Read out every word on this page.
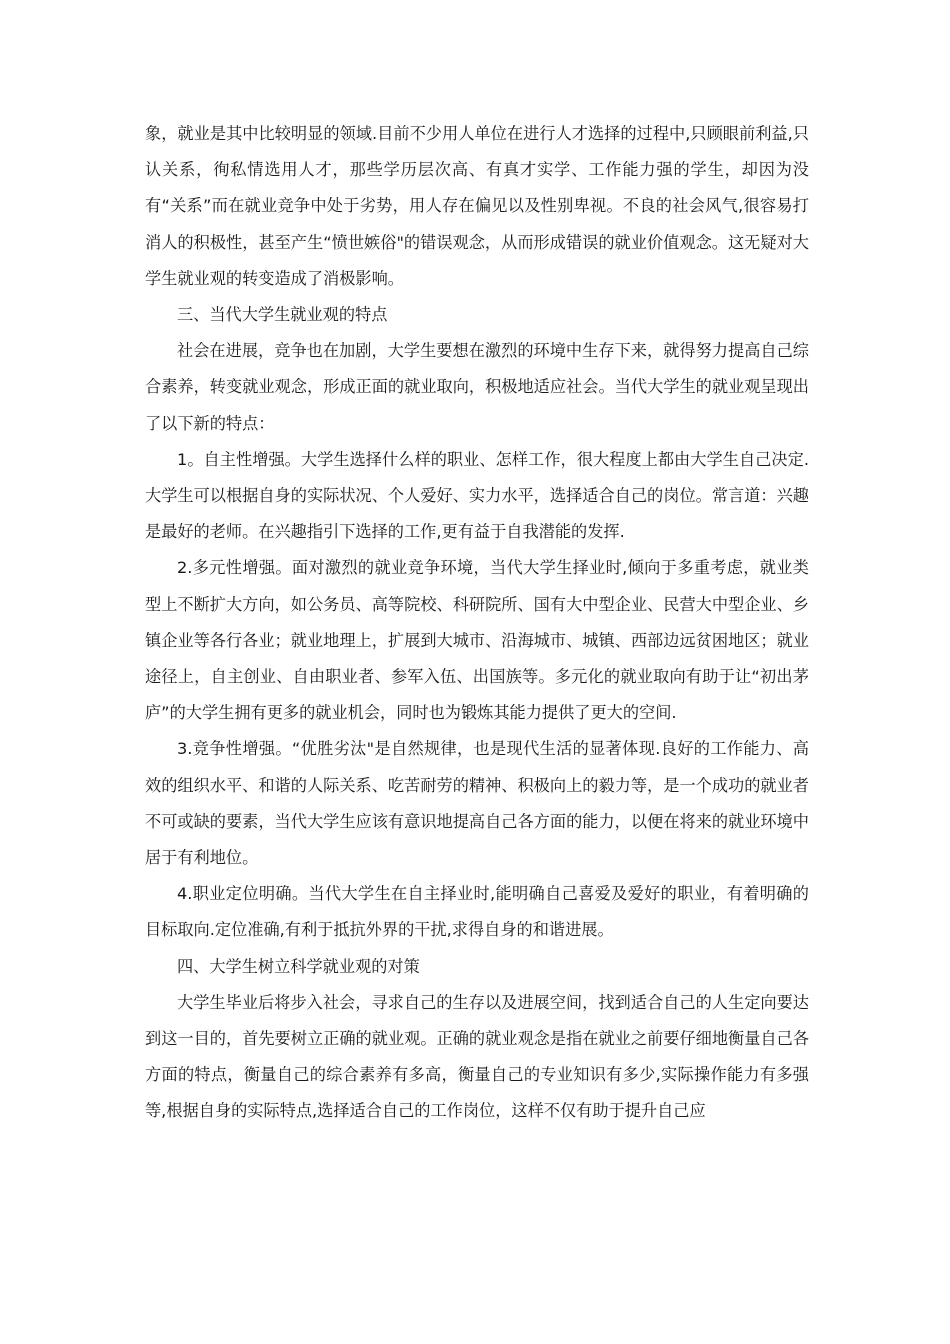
象，就业是其中比较明显的领域.目前不少用人单位在进行人才选择的过程中,只顾眼前利益,只认关系，徇私情选用人才，那些学历层次高、有真才实学、工作能力强的学生，却因为没有“关系”而在就业竞争中处于劣势，用人存在偏见以及性别卑视。不良的社会风气,很容易打消人的积极性，甚至产生“愤世嫉俗"的错误观念，从而形成错误的就业价值观念。这无疑对大学生就业观的转变造成了消极影响。

三、当代大学生就业观的特点

社会在进展，竞争也在加剧，大学生要想在激烈的环境中生存下来，就得努力提高自己综合素养，转变就业观念，形成正面的就业取向，积极地适应社会。当代大学生的就业观呈现出了以下新的特点：

1。自主性增强。大学生选择什么样的职业、怎样工作，很大程度上都由大学生自己决定.大学生可以根据自身的实际状况、个人爱好、实力水平，选择适合自己的岗位。常言道：兴趣是最好的老师。在兴趣指引下选择的工作,更有益于自我潜能的发挥.

2.多元性增强。面对激烈的就业竞争环境，当代大学生择业时,倾向于多重考虑，就业类型上不断扩大方向，如公务员、高等院校、科研院所、国有大中型企业、民营大中型企业、乡镇企业等各行各业；就业地理上，扩展到大城市、沿海城市、城镇、西部边远贫困地区；就业途径上，自主创业、自由职业者、参军入伍、出国族等。多元化的就业取向有助于让“初出茅庐”的大学生拥有更多的就业机会，同时也为锻炼其能力提供了更大的空间.

3.竞争性增强。“优胜劣汰"是自然规律，也是现代生活的显著体现.良好的工作能力、高效的组织水平、和谐的人际关系、吃苦耐劳的精神、积极向上的毅力等，是一个成功的就业者不可或缺的要素，当代大学生应该有意识地提高自己各方面的能力，以便在将来的就业环境中居于有利地位。

4.职业定位明确。当代大学生在自主择业时,能明确自己喜爱及爱好的职业，有着明确的目标取向.定位准确,有利于抵抗外界的干扰,求得自身的和谐进展。

四、大学生树立科学就业观的对策

大学生毕业后将步入社会，寻求自己的生存以及进展空间，找到适合自己的人生定向要达到这一目的，首先要树立正确的就业观。正确的就业观念是指在就业之前要仔细地衡量自己各方面的特点，衡量自己的综合素养有多高，衡量自己的专业知识有多少,实际操作能力有多强等,根据自身的实际特点,选择适合自己的工作岗位，这样不仅有助于提升自己应
